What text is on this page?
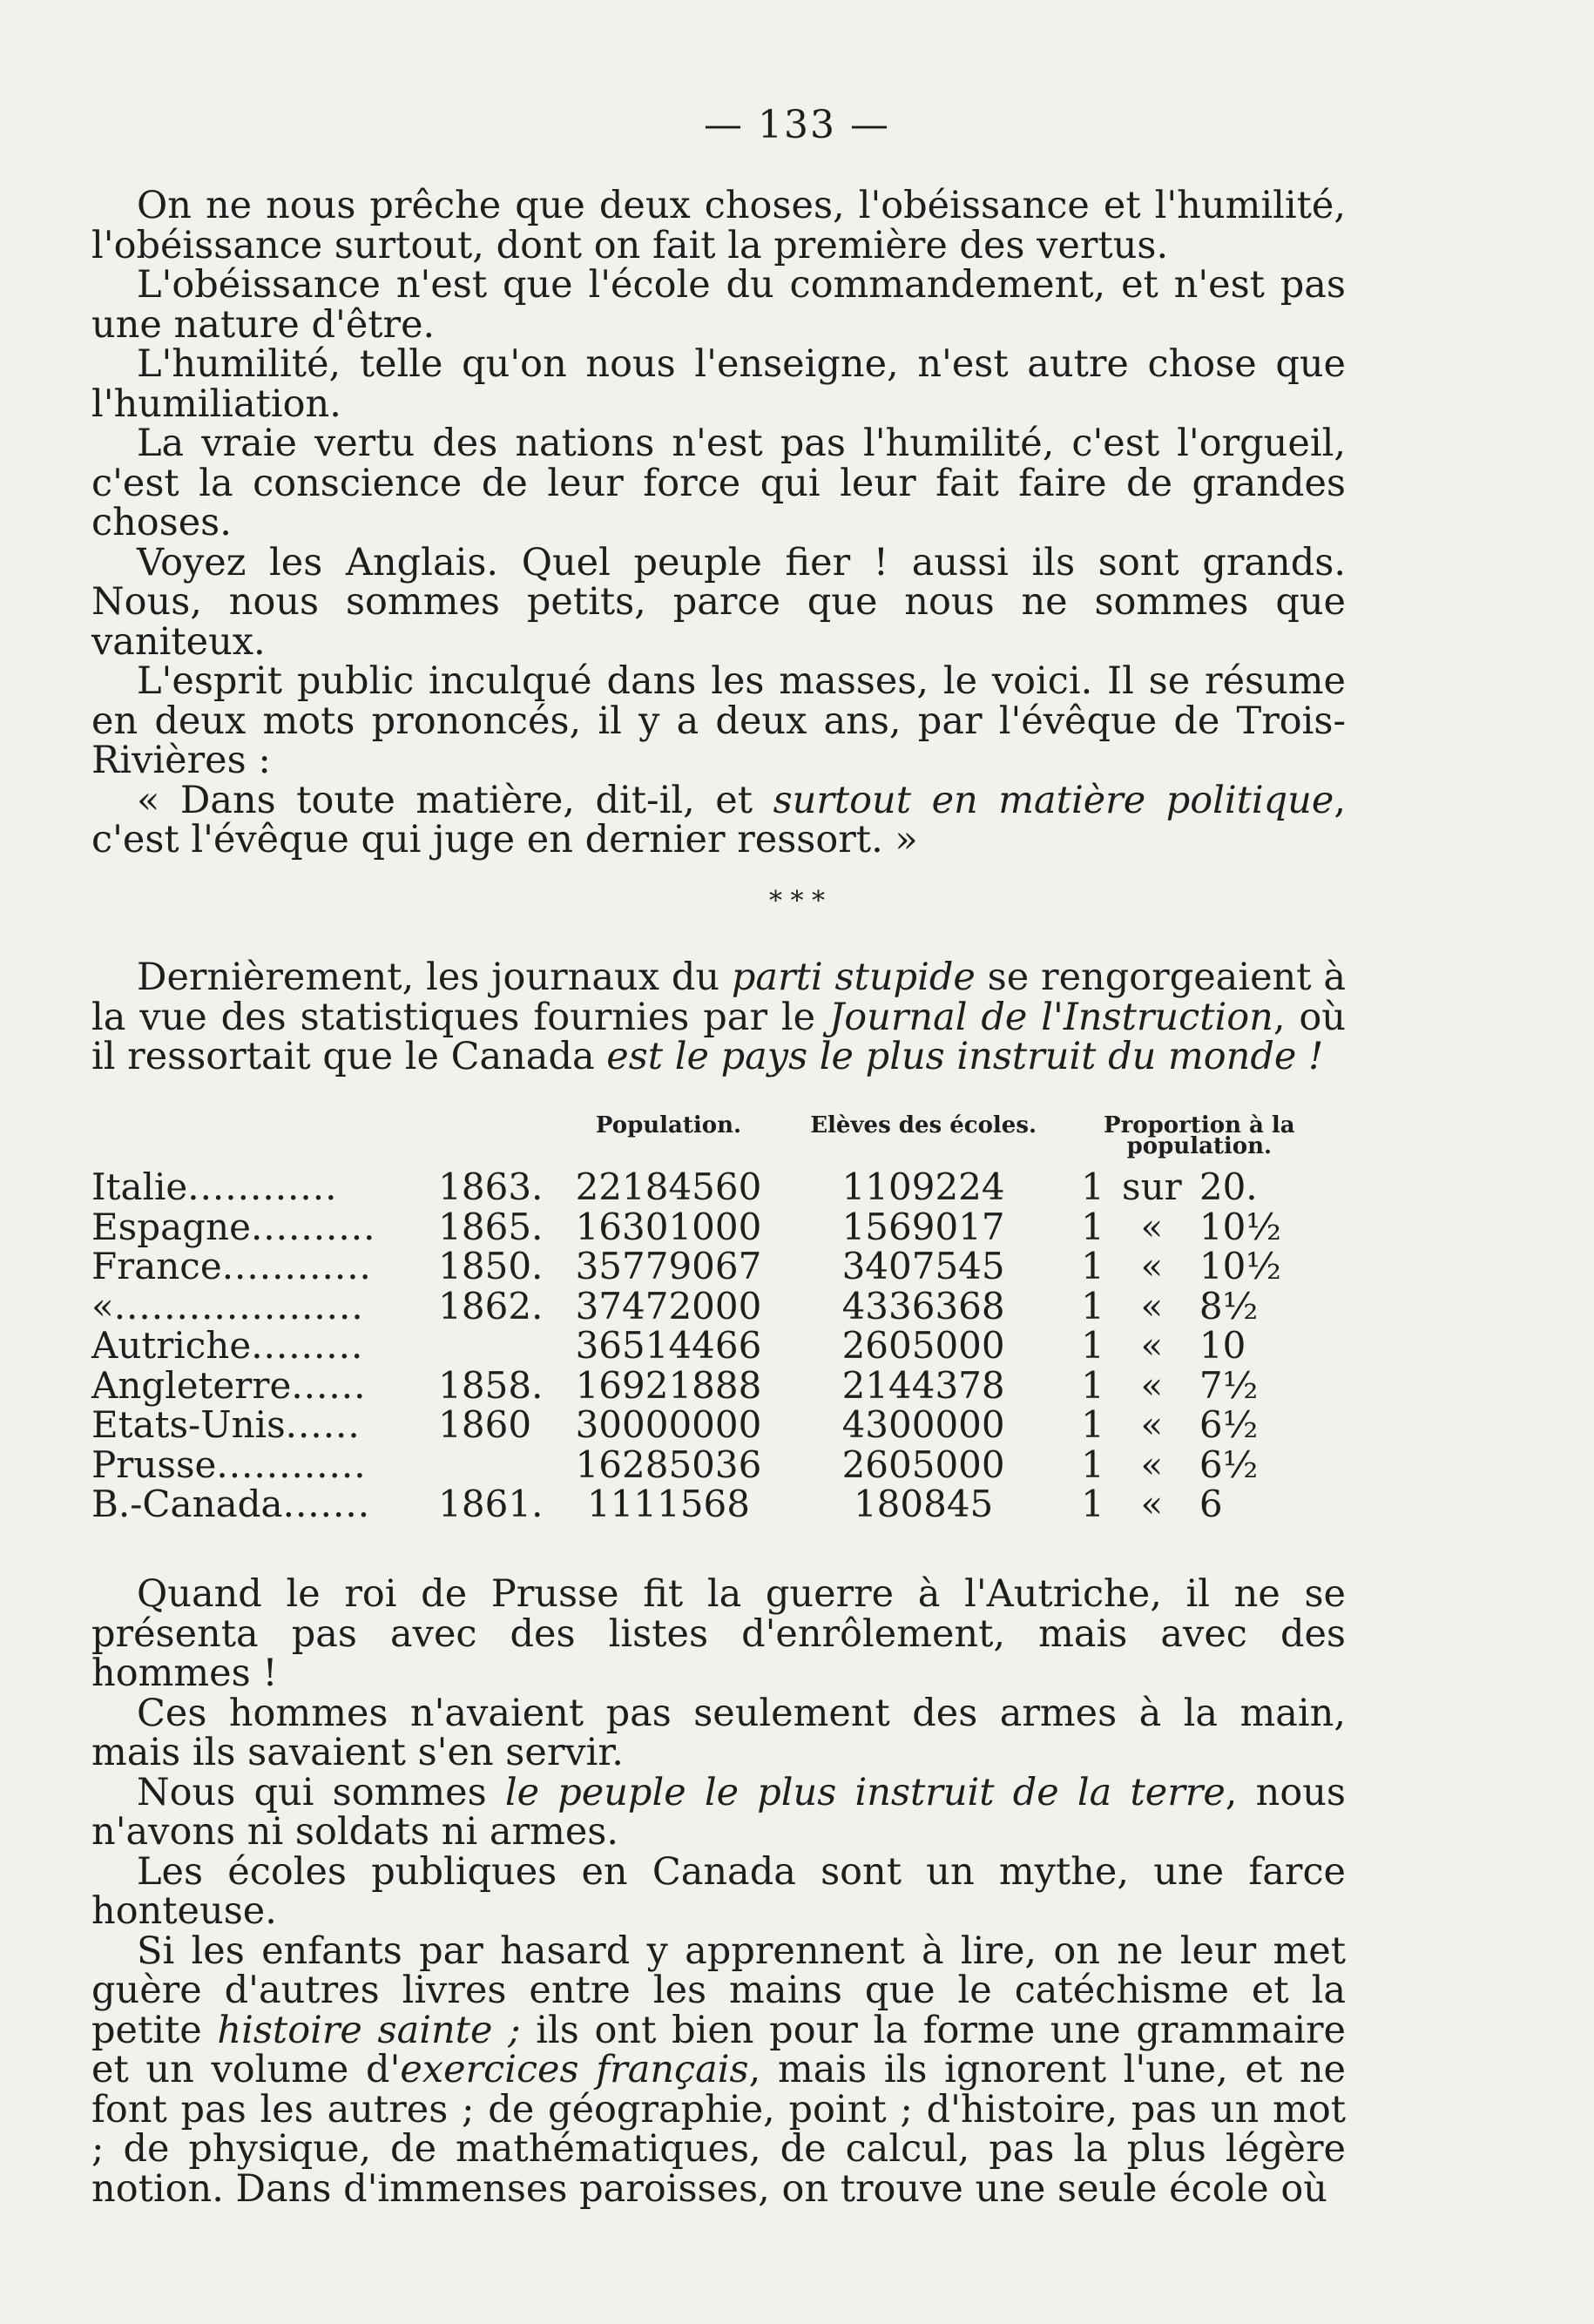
— 133 —

On ne nous prêche que deux choses, l'obéissance et l'humilité, l'obéissance surtout, dont on fait la première des vertus.

L'obéissance n'est que l'école du commandement, et n'est pas une nature d'être.

L'humilité, telle qu'on nous l'enseigne, n'est autre chose que l'humiliation.

La vraie vertu des nations n'est pas l'humilité, c'est l'orgueil, c'est la conscience de leur force qui leur fait faire de grandes choses.

Voyez les Anglais. Quel peuple fier ! aussi ils sont grands. Nous, nous sommes petits, parce que nous ne sommes que vaniteux.

L'esprit public inculqué dans les masses, le voici. Il se résume en deux mots prononcés, il y a deux ans, par l'évêque de Trois-Rivières :

« Dans toute matière, dit-il, et surtout en matière politique, c'est l'évêque qui juge en dernier ressort. »

* * *

Dernièrement, les journaux du parti stupide se rengorgeaient à la vue des statistiques fournies par le Journal de l'Instruction, où il ressortait que le Canada est le pays le plus instruit du monde !

		Population.	Elèves des écoles.	Proportion à la population.		
Italie............	1863.	22184560	1109224	1	sur	20.
Espagne..........	1865.	16301000	1569017	1	«	10½
France............	1850.	35779067	3407545	1	«	10½
«....................	1862.	37472000	4336368	1	«	8½
Autriche.........		36514466	2605000	1	«	10
Angleterre......	1858.	16921888	2144378	1	«	7½
Etats-Unis......	1860	30000000	4300000	1	«	6½
Prusse............		16285036	2605000	1	«	6½
B.-Canada.......	1861.	1111568	180845	1	«	6

Quand le roi de Prusse fit la guerre à l'Autriche, il ne se présenta pas avec des listes d'enrôlement, mais avec des hommes !

Ces hommes n'avaient pas seulement des armes à la main, mais ils savaient s'en servir.

Nous qui sommes le peuple le plus instruit de la terre, nous n'avons ni soldats ni armes.

Les écoles publiques en Canada sont un mythe, une farce honteuse.

Si les enfants par hasard y apprennent à lire, on ne leur met guère d'autres livres entre les mains que le catéchisme et la petite histoire sainte ; ils ont bien pour la forme une grammaire et un volume d'exercices français, mais ils ignorent l'une, et ne font pas les autres ; de géographie, point ; d'histoire, pas un mot ; de physique, de mathématiques, de calcul, pas la plus légère notion. Dans d'immenses paroisses, on trouve une seule école où
